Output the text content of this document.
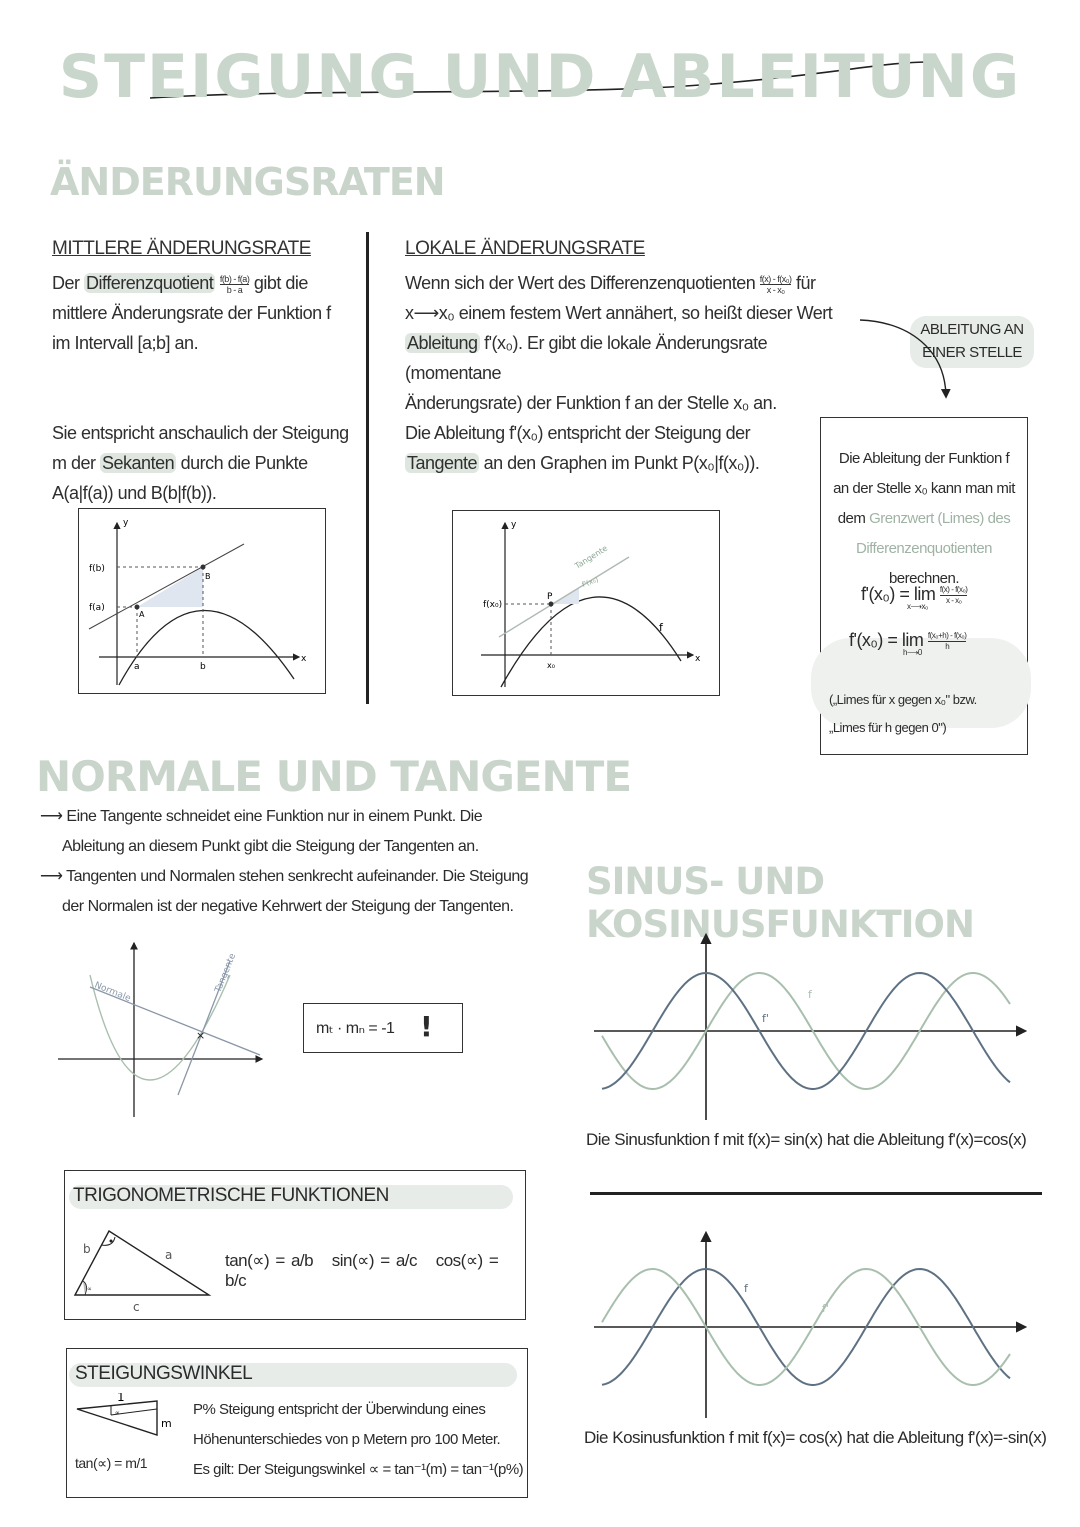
STEIGUNG UND ABLEITUNG
ÄNDERUNGSRATEN
MITTLERE ÄNDERUNGSRATE
Der Differenzquotient $\frac{f(b) - f(a)}{b - a}$ gibt die
mittlere Änderungsrate der Funktion f
im Intervall [a;b] an.
Sie entspricht anschaulich der Steigung
m der Sekanten durch die Punkte
A(a|f(a)) und B(b|f(b)).
y
x
f(b)
f(a)
a	b
A
B
LOKALE ÄNDERUNGSRATE
Wenn sich der Wert des Differenzenquotienten $\frac{\text{f(x) - f(x₀)}}{\text{x - x₀}}$ für
x⟶x₀ einem festem Wert annähert, so heißt dieser Wert
Ableitung f'(x₀). Er gibt die lokale Änderungsrate (momentane
Änderungsrate) der Funktion f an der Stelle x₀ an.
Die Ableitung f'(x₀) entspricht der Steigung der
Tangente an den Graphen im Punkt P(x₀|f(x₀)).
y
x
f(x₀)
P
x₀
f
Tangente
f'(x₀)
ABLEITUNG AN
EINER STELLE
Die Ableitung der Funktion f
an der Stelle x₀ kann man mit
dem Grenzwert (Limes) des
Differenzenquotienten berechnen.
$f'(x_0) = \lim \frac{\text{f(x) - f(x₀)}}{\text{x - x₀}}$
x⟶x₀
$f'(x_0) = \lim \frac{\text{f(x₀+h) - f(x₀)}}{h}$
h⟶0
(„Limes für x gegen x₀" bzw.
„Limes für h gegen 0")
NORMALE UND TANGENTE
⟶ Eine Tangente schneidet eine Funktion nur in einem Punkt. Die
Ableitung an diesem Punkt gibt die Steigung der Tangenten an.
⟶ Tangenten und Normalen stehen senkrecht aufeinander. Die Steigung
der Normalen ist der negative Kehrwert der Steigung der Tangenten.
Normale	Tangente
×	mₜ · mₙ = -1 !
TRIGONOMETRISCHE FUNKTIONEN
b	a
c
∝
tan(∝) = a/b sin(∝) = a/c cos(∝) = b/c
STEIGUNGSWINKEL
1
m
∝
tan(∝) = m/1
P% Steigung entspricht der Überwindung eines
Höhenunterschiedes von p Metern pro 100 Meter.
Es gilt: Der Steigungswinkel ∝ = tan⁻¹(m) = tan⁻¹(p%)
SINUS- UND KOSINUSFUNKTION
f
f'
Die Sinusfunktion f mit f(x)= sin(x) hat die Ableitung f'(x)=cos(x)
f
f'
Die Kosinusfunktion f mit f(x)= cos(x) hat die Ableitung f'(x)=-sin(x)
